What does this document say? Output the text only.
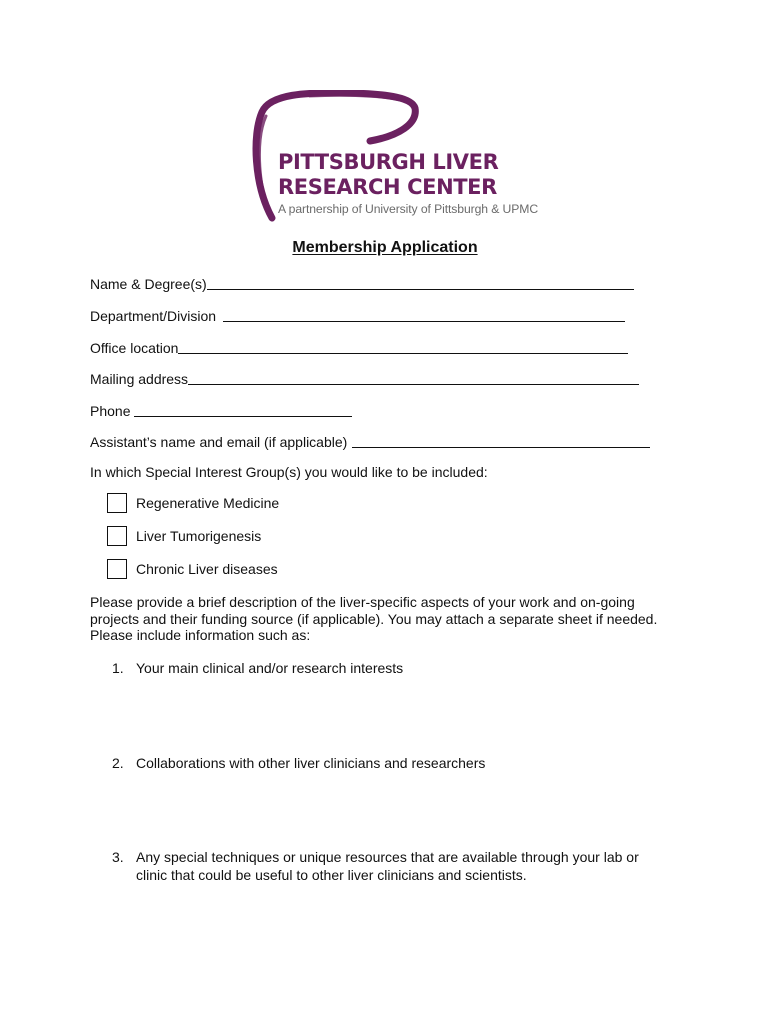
PITTSBURGH LIVER
RESEARCH CENTER
A partnership of University of Pittsburgh & UPMC
Membership Application
Name & Degree(s)
Department/Division
Office location
Mailing address
Phone
Assistant’s name and email (if applicable)
In which Special Interest Group(s) you would like to be included:
Regenerative Medicine
Liver Tumorigenesis
Chronic Liver diseases
Please provide a brief description of the liver-specific aspects of your work and on-going
projects and their funding source (if applicable). You may attach a separate sheet if needed.
Please include information such as:
1. Your main clinical and/or research interests
2. Collaborations with other liver clinicians and researchers
3. Any special techniques or unique resources that are available through your lab or
clinic that could be useful to other liver clinicians and scientists.
